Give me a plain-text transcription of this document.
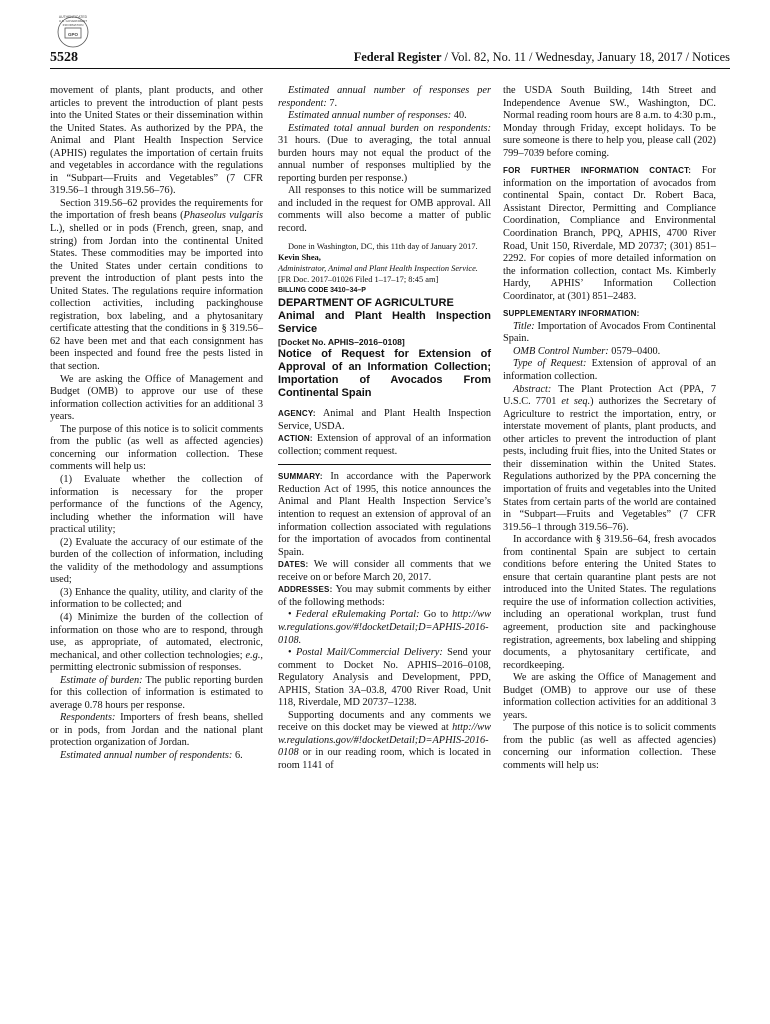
AUTHENTICATED
U.S. GOVERNMENT
INFORMATION
GPO
5528	Federal Register / Vol. 82, No. 11 / Wednesday, January 18, 2017 / Notices

movement of plants, plant products, and other articles to prevent the introduction of plant pests into the United States or their dissemination within the United States. As authorized by the PPA, the Animal and Plant Health Inspection Service (APHIS) regulates the importation of certain fruits and vegetables in accordance with the regulations in “Subpart—Fruits and Vegetables” (7 CFR 319.56–1 through 319.56–76).

Section 319.56–62 provides the requirements for the importation of fresh beans (Phaseolus vulgaris L.), shelled or in pods (French, green, snap, and string) from Jordan into the continental United States. These commodities may be imported into the United States under certain conditions to prevent the introduction of plant pests into the United States. The regulations require information collection activities, including packinghouse registration, box labeling, and a phytosanitary certificate attesting that the conditions in § 319.56–62 have been met and that each consignment has been inspected and found free the pests listed in that section.

We are asking the Office of Management and Budget (OMB) to approve our use of these information collection activities for an additional 3 years.

The purpose of this notice is to solicit comments from the public (as well as affected agencies) concerning our information collection. These comments will help us:

(1) Evaluate whether the collection of information is necessary for the proper performance of the functions of the Agency, including whether the information will have practical utility;

(2) Evaluate the accuracy of our estimate of the burden of the collection of information, including the validity of the methodology and assumptions used;

(3) Enhance the quality, utility, and clarity of the information to be collected; and

(4) Minimize the burden of the collection of information on those who are to respond, through use, as appropriate, of automated, electronic, mechanical, and other collection technologies; e.g., permitting electronic submission of responses.

Estimate of burden: The public reporting burden for this collection of information is estimated to average 0.78 hours per response.

Respondents: Importers of fresh beans, shelled or in pods, from Jordan and the national plant protection organization of Jordan.

Estimated annual number of respondents: 6.

Estimated annual number of responses per respondent: 7.

Estimated annual number of responses: 40.

Estimated total annual burden on respondents: 31 hours. (Due to averaging, the total annual burden hours may not equal the product of the annual number of responses multiplied by the reporting burden per response.)

All responses to this notice will be summarized and included in the request for OMB approval. All comments will also become a matter of public record.

Done in Washington, DC, this 11th day of January 2017.

Kevin Shea,

Administrator, Animal and Plant Health Inspection Service.

[FR Doc. 2017–01026 Filed 1–17–17; 8:45 am]

BILLING CODE 3410–34–P

DEPARTMENT OF AGRICULTURE

Animal and Plant Health Inspection Service

[Docket No. APHIS–2016–0108]

Notice of Request for Extension of Approval of an Information Collection; Importation of Avocados From Continental Spain

AGENCY: Animal and Plant Health Inspection Service, USDA.

ACTION: Extension of approval of an information collection; comment request.

SUMMARY: In accordance with the Paperwork Reduction Act of 1995, this notice announces the Animal and Plant Health Inspection Service’s intention to request an extension of approval of an information collection associated with regulations for the importation of avocados from continental Spain.

DATES: We will consider all comments that we receive on or before March 20, 2017.

ADDRESSES: You may submit comments by either of the following methods:

• Federal eRulemaking Portal: Go to http://www.regulations.gov/#!docketDetail;D=APHIS-2016-0108.

• Postal Mail/Commercial Delivery: Send your comment to Docket No. APHIS–2016–0108, Regulatory Analysis and Development, PPD, APHIS, Station 3A–03.8, 4700 River Road, Unit 118, Riverdale, MD 20737–1238.

Supporting documents and any comments we receive on this docket may be viewed at http://www.regulations.gov/#!docketDetail;D=APHIS-2016-0108 or in our reading room, which is located in room 1141 of

the USDA South Building, 14th Street and Independence Avenue SW., Washington, DC. Normal reading room hours are 8 a.m. to 4:30 p.m., Monday through Friday, except holidays. To be sure someone is there to help you, please call (202) 799–7039 before coming.

FOR FURTHER INFORMATION CONTACT: For information on the importation of avocados from continental Spain, contact Dr. Robert Baca, Assistant Director, Permitting and Compliance Coordination, Compliance and Environmental Coordination Branch, PPQ, APHIS, 4700 River Road, Unit 150, Riverdale, MD 20737; (301) 851–2292. For copies of more detailed information on the information collection, contact Ms. Kimberly Hardy, APHIS’ Information Collection Coordinator, at (301) 851–2483.

SUPPLEMENTARY INFORMATION:

Title: Importation of Avocados From Continental Spain.

OMB Control Number: 0579–0400.

Type of Request: Extension of approval of an information collection.

Abstract: The Plant Protection Act (PPA, 7 U.S.C. 7701 et seq.) authorizes the Secretary of Agriculture to restrict the importation, entry, or interstate movement of plants, plant products, and other articles to prevent the introduction of plant pests, including fruit flies, into the United States or their dissemination within the United States. Regulations authorized by the PPA concerning the importation of fruits and vegetables into the United States from certain parts of the world are contained in “Subpart—Fruits and Vegetables” (7 CFR 319.56–1 through 319.56–76).

In accordance with § 319.56–64, fresh avocados from continental Spain are subject to certain conditions before entering the United States to ensure that certain quarantine plant pests are not introduced into the United States. The regulations require the use of information collection activities, including an operational workplan, trust fund agreement, production site and packinghouse registration, agreements, box labeling and shipping documents, a phytosanitary certificate, and recordkeeping.

We are asking the Office of Management and Budget (OMB) to approve our use of these information collection activities for an additional 3 years.

The purpose of this notice is to solicit comments from the public (as well as affected agencies) concerning our information collection. These comments will help us:
